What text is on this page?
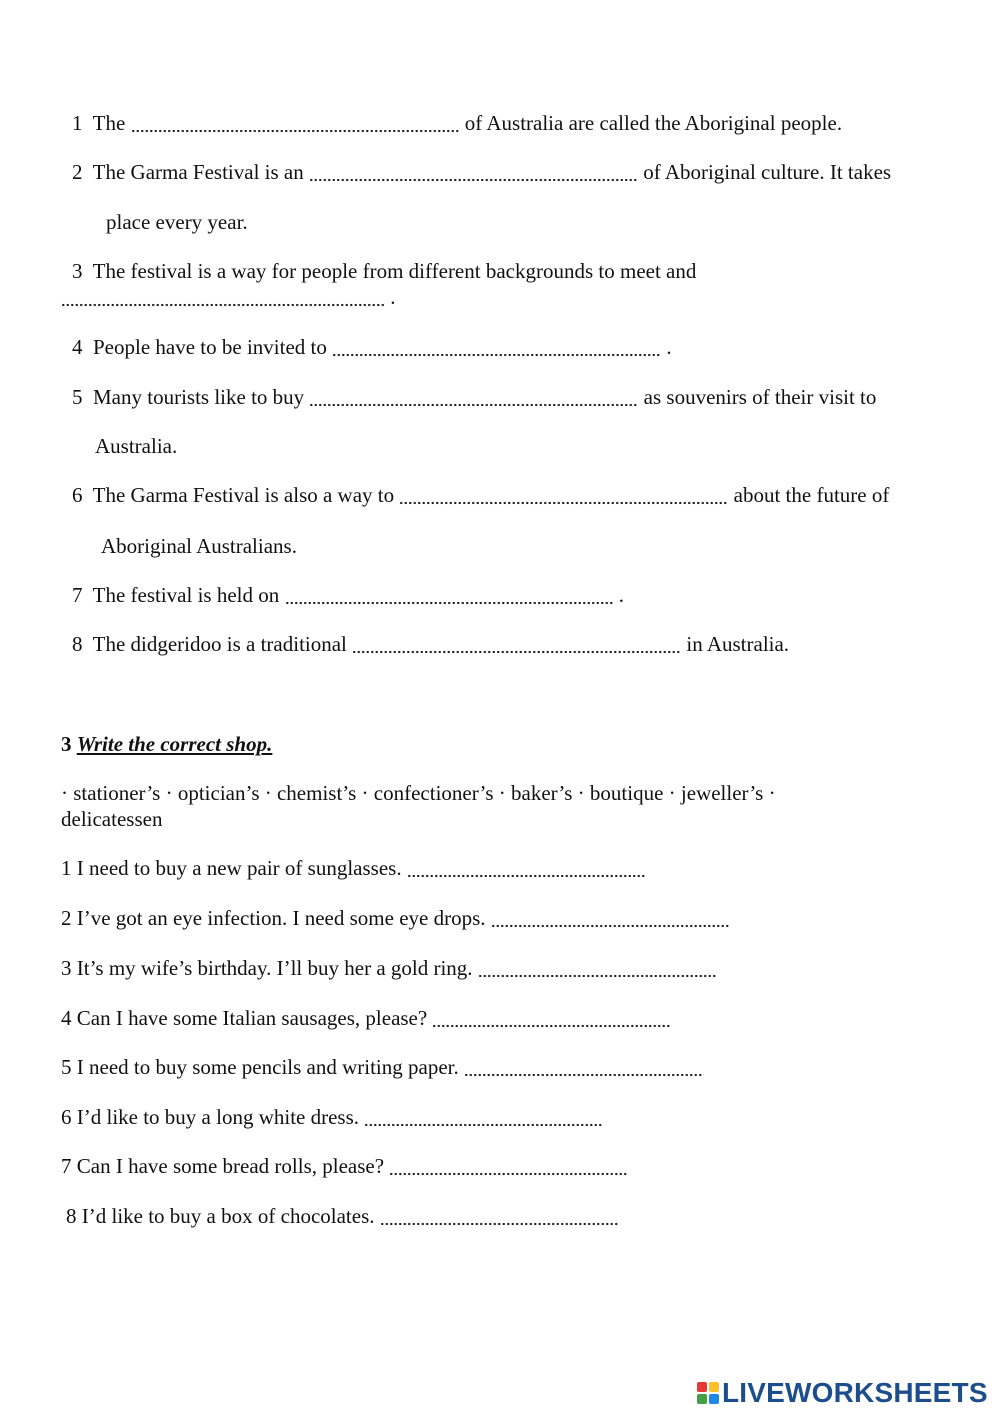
1 The	of Australia are called the Aboriginal people.
2 The Garma Festival is an	of Aboriginal culture. It takes
place every year.
3 The festival is a way for people from different backgrounds to meet and
.
4 People have to be invited to	.
5 Many tourists like to buy	as souvenirs of their visit to
Australia.
6 The Garma Festival is also a way to	about the future of
Aboriginal Australians.
7 The festival is held on	.
8 The didgeridoo is a traditional	in Australia.
3 Write the correct shop.
· stationer’s · optician’s · chemist’s · confectioner’s · baker’s · boutique · jeweller’s ·
delicatessen
1 I need to buy a new pair of sunglasses.
2 I’ve got an eye infection. I need some eye drops.
3 It’s my wife’s birthday. I’ll buy her a gold ring.
4 Can I have some Italian sausages, please?
5 I need to buy some pencils and writing paper.
6 I’d like to buy a long white dress.
7 Can I have some bread rolls, please?
8 I’d like to buy a box of chocolates.
LIVEWORKSHEETS
